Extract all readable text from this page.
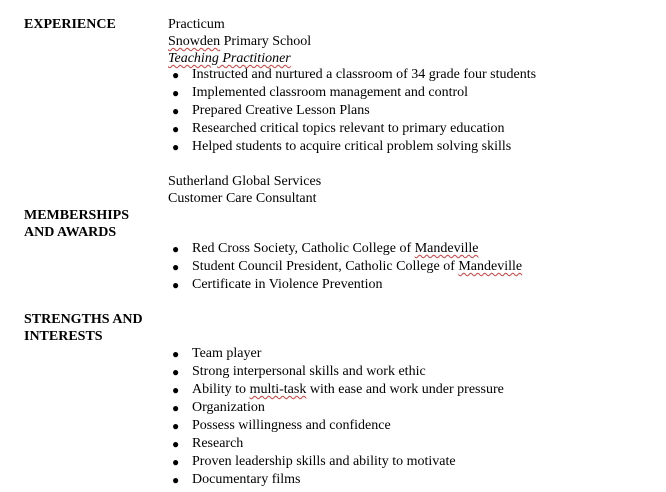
EXPERIENCE	Practicum
Snowden Primary School
Teaching Practitioner
● Instructed and nurtured a classroom of 34 grade four students
● Implemented classroom management and control
● Prepared Creative Lesson Plans
● Researched critical topics relevant to primary education
● Helped students to acquire critical problem solving skills
Sutherland Global Services
Customer Care Consultant
MEMBERSHIPS
AND AWARDS
● Red Cross Society, Catholic College of Mandeville
● Student Council President, Catholic College of Mandeville
● Certificate in Violence Prevention
STRENGTHS AND
INTERESTS
● Team player
● Strong interpersonal skills and work ethic
● Ability to multi-task with ease and work under pressure
● Organization
● Possess willingness and confidence
● Research
● Proven leadership skills and ability to motivate
● Documentary films
